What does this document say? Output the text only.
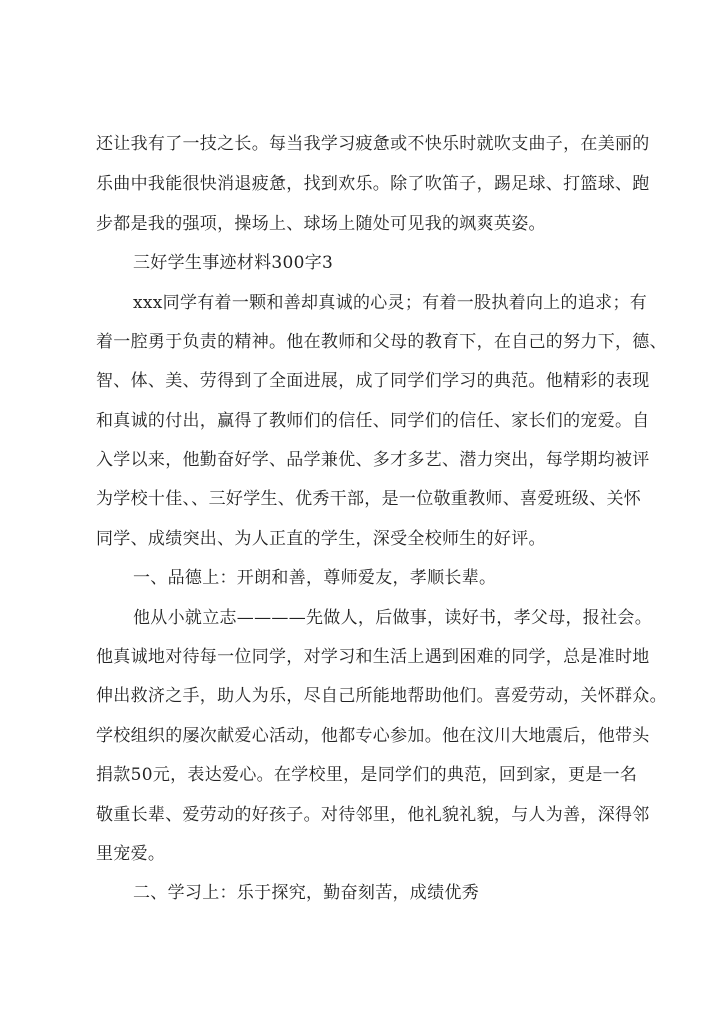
还让我有了一技之长。每当我学习疲惫或不快乐时就吹支曲子，在美丽的
乐曲中我能很快消退疲惫，找到欢乐。除了吹笛子，踢足球、打篮球、跑
步都是我的强项，操场上、球场上随处可见我的飒爽英姿。
三好学生事迹材料300字3
xxx同学有着一颗和善却真诚的心灵；有着一股执着向上的追求；有
着一腔勇于负责的精神。他在教师和父母的教育下，在自己的努力下，德、
智、体、美、劳得到了全面进展，成了同学们学习的典范。他精彩的表现
和真诚的付出，赢得了教师们的信任、同学们的信任、家长们的宠爱。自
入学以来，他勤奋好学、品学兼优、多才多艺、潜力突出，每学期均被评
为学校十佳、、三好学生、优秀干部，是一位敬重教师、喜爱班级、关怀
同学、成绩突出、为人正直的学生，深受全校师生的好评。
一、品德上：开朗和善，尊师爱友，孝顺长辈。
他从小就立志————先做人，后做事，读好书，孝父母，报社会。
他真诚地对待每一位同学，对学习和生活上遇到困难的同学，总是准时地
伸出救济之手，助人为乐，尽自己所能地帮助他们。喜爱劳动，关怀群众。
学校组织的屡次献爱心活动，他都专心参加。他在汶川大地震后，他带头
捐款50元，表达爱心。在学校里，是同学们的典范，回到家，更是一名
敬重长辈、爱劳动的好孩子。对待邻里，他礼貌礼貌，与人为善，深得邻
里宠爱。
二、学习上：乐于探究，勤奋刻苦，成绩优秀
